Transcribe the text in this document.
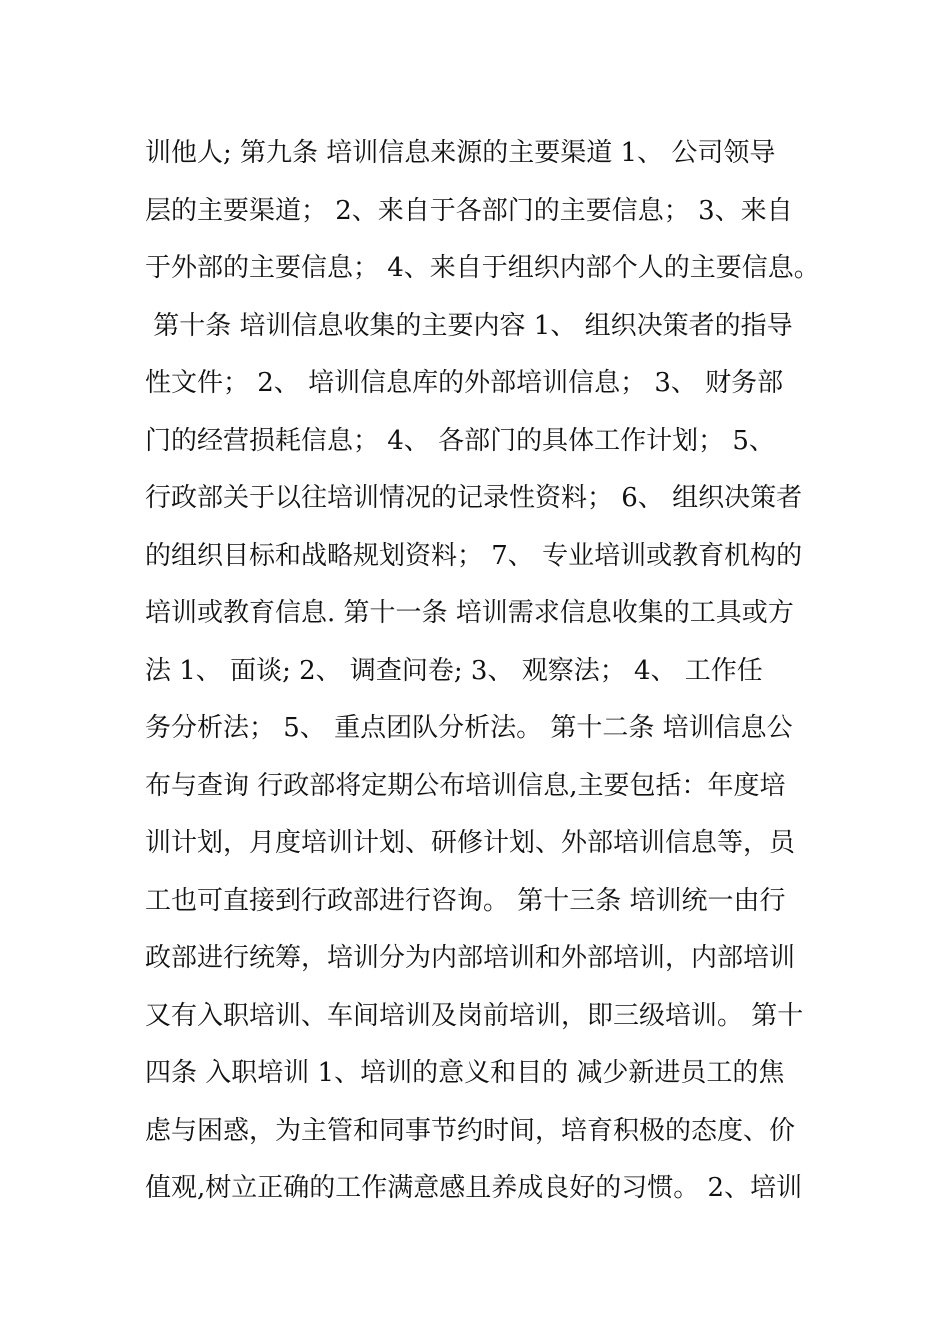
训他人; 第九条 培训信息来源的主要渠道 1、 公司领导
层的主要渠道； 2、来自于各部门的主要信息； 3、来自
于外部的主要信息； 4、来自于组织内部个人的主要信息。
第十条 培训信息收集的主要内容 1、 组织决策者的指导
性文件； 2、 培训信息库的外部培训信息； 3、 财务部
门的经营损耗信息； 4、 各部门的具体工作计划； 5、
行政部关于以往培训情况的记录性资料； 6、 组织决策者
的组织目标和战略规划资料； 7、 专业培训或教育机构的
培训或教育信息. 第十一条 培训需求信息收集的工具或方
法 1、 面谈; 2、 调查问卷; 3、 观察法； 4、 工作任
务分析法； 5、 重点团队分析法。 第十二条 培训信息公
布与查询 行政部将定期公布培训信息,主要包括：年度培
训计划，月度培训计划、研修计划、外部培训信息等，员
工也可直接到行政部进行咨询。 第十三条 培训统一由行
政部进行统筹，培训分为内部培训和外部培训，内部培训
又有入职培训、车间培训及岗前培训，即三级培训。 第十
四条 入职培训 1、培训的意义和目的 减少新进员工的焦
虑与困惑，为主管和同事节约时间，培育积极的态度、价
值观,树立正确的工作满意感且养成良好的习惯。 2、培训
